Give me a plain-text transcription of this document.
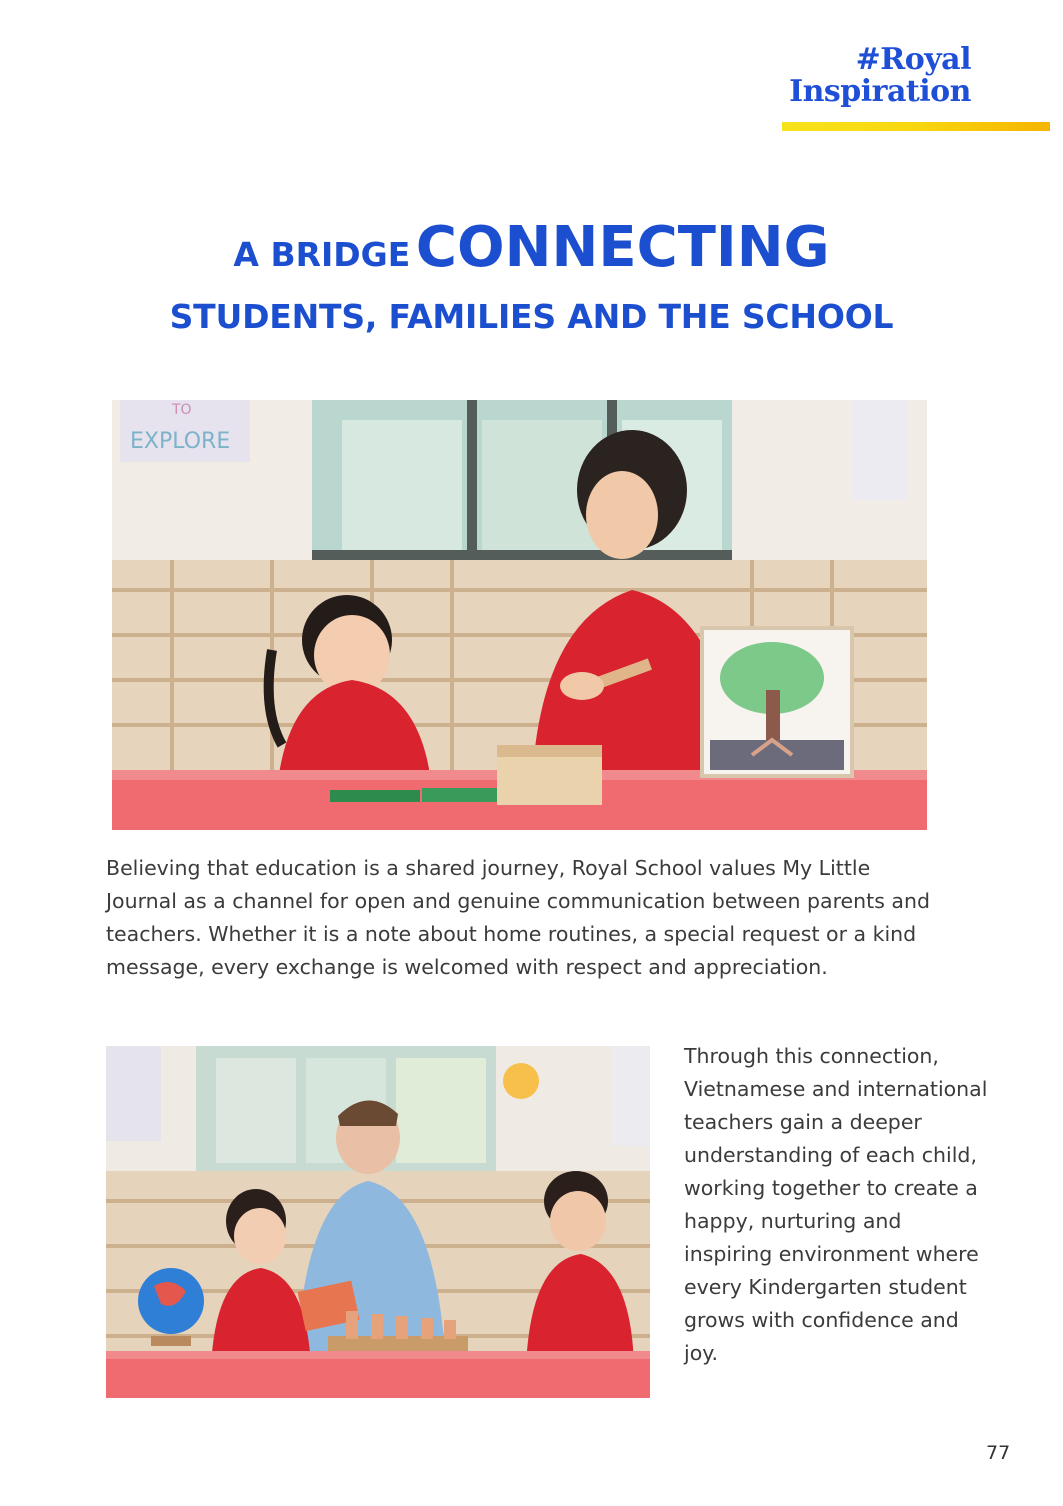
#Royal
Inspiration
A BRIDGE CONNECTING
STUDENTS, FAMILIES AND THE SCHOOL
EXPLORE
TO

Believing that education is a shared journey, Royal School values My Little Journal as a channel for open and genuine communication between parents and teachers. Whether it is a note about home routines, a special request or a kind message, every exchange is welcomed with respect and appreciation.

Through this connection, Vietnamese and international teachers gain a deeper understanding of each child, working together to create a happy, nurturing and inspiring environment where every Kindergarten student grows with confidence and joy.

77
